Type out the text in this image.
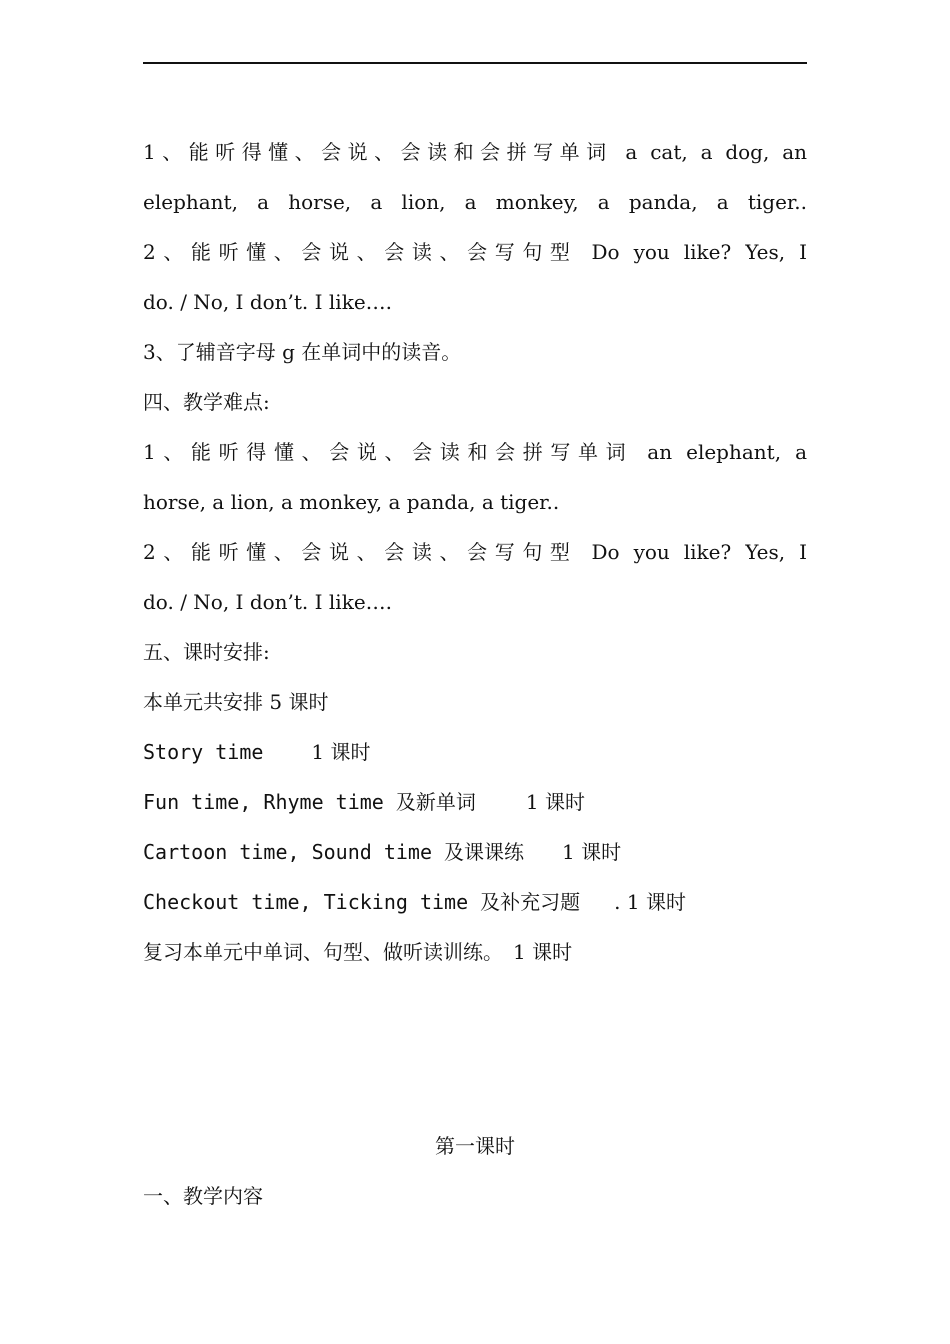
1、能听得懂、会说、会读和会拼写单词 a cat, a dog, an
elephant, a horse, a lion, a monkey, a panda, a tiger..
2、能听懂、会说、会读、会写句型 Do you like? Yes, I
do. / No, I don’t. I like….
3、了辅音字母 g 在单词中的读音。
四、教学难点:
1、能听得懂、会说、会读和会拼写单词 an elephant, a
horse, a lion, a monkey, a panda, a tiger..
2、能听懂、会说、会读、会写句型 Do you like? Yes, I
do. / No, I don’t. I like….
五、课时安排:
本单元共安排 5 课时
Story time 1 课时
Fun time, Rhyme time 及新单词	1 课时
Cartoon time, Sound time 及课课练 1 课时
Checkout time, Ticking time 及补充习题 . 1 课时
复习本单元中单词、句型、做听读训练。 1 课时
第一课时
一、教学内容
